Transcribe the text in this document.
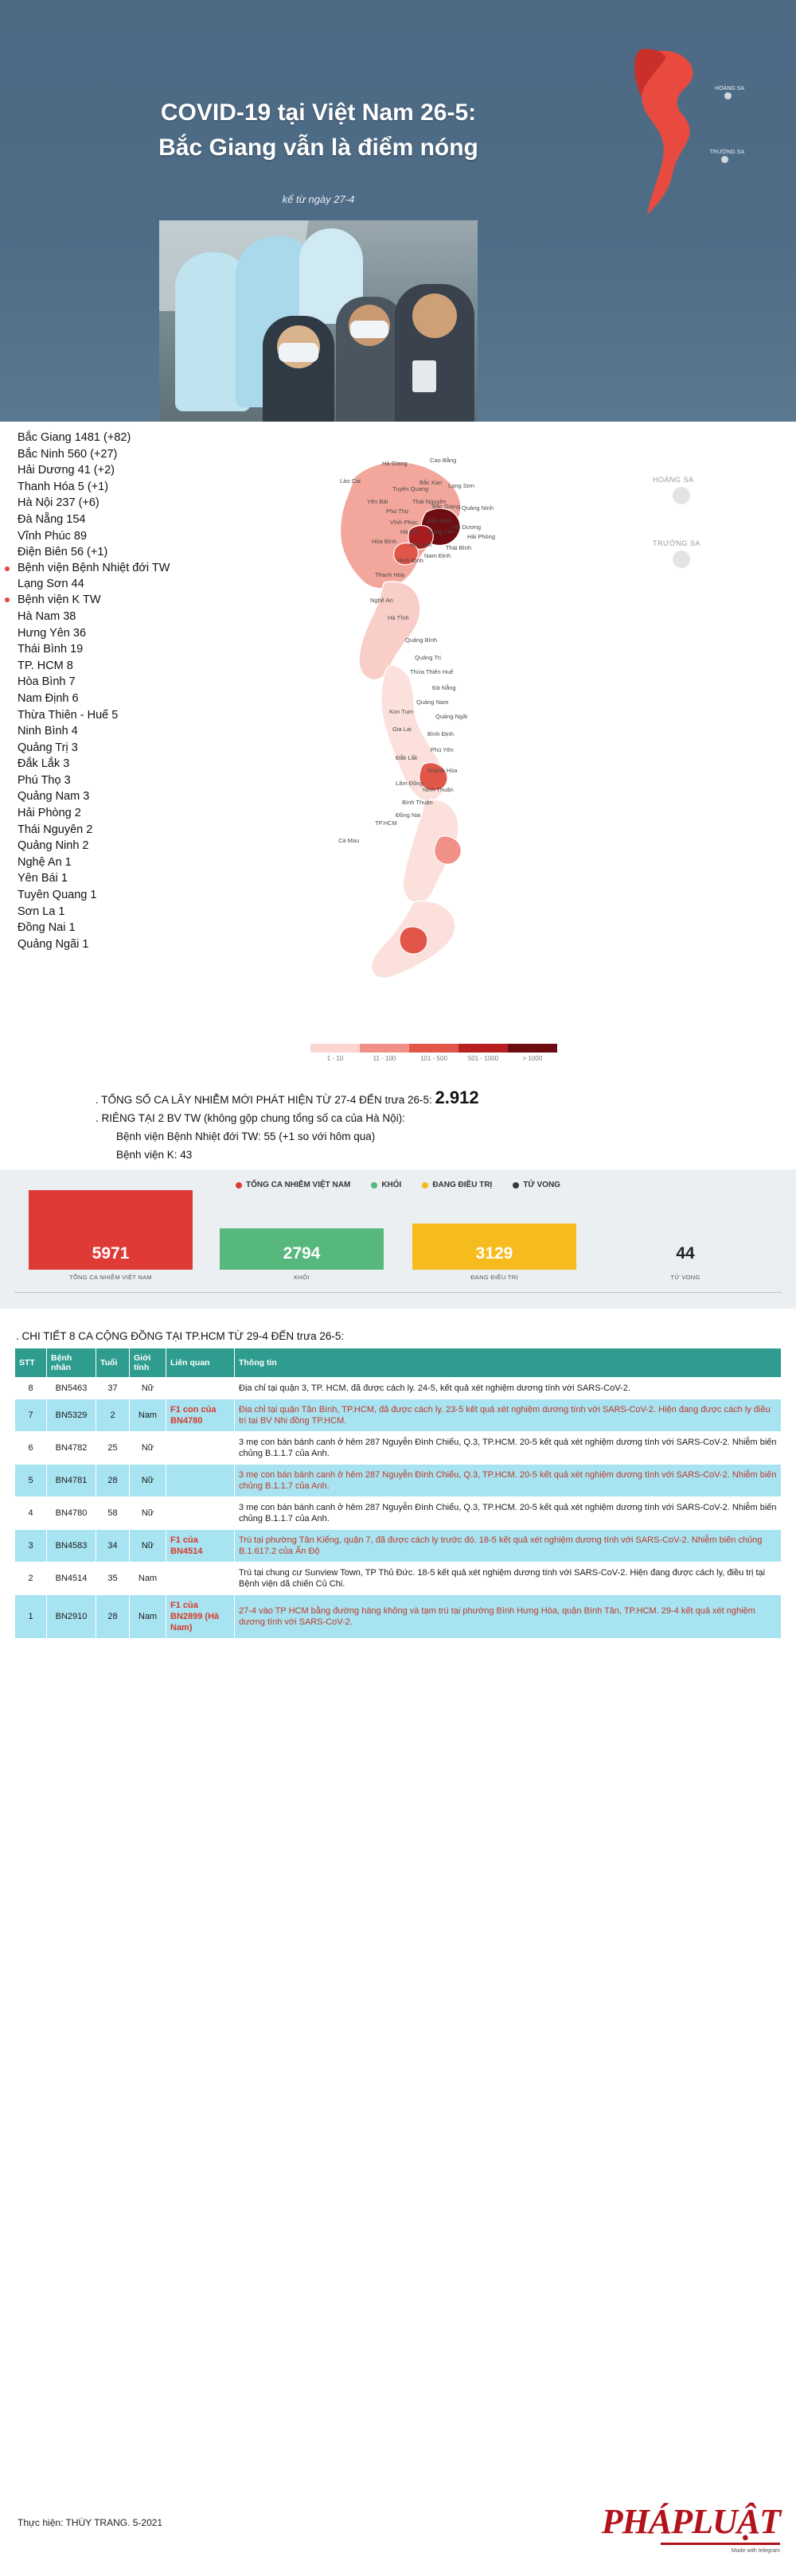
COVID-19 tại Việt Nam 26-5:
Bắc Giang vẫn là điểm nóng
kể từ ngày 27-4
HOÀNG SA
TRƯỜNG SA
Bắc Giang 1481 (+82)
Bắc Ninh 560 (+27)
Hải Dương 41 (+2)
Thanh Hóa 5 (+1)
Hà Nội 237 (+6)
Đà Nẵng 154
Vĩnh Phúc 89
Điện Biên 56 (+1)
Bệnh viện Bệnh Nhiệt đới TW
Lạng Sơn 44
Bệnh viện K TW
Hà Nam 38
Hưng Yên 36
Thái Bình 19
TP. HCM 8
Hòa Bình 7
Nam Định 6
Thừa Thiên - Huế 5
Ninh Bình 4
Quảng Trị 3
Đắk Lắk 3
Phú Thọ 3
Quảng Nam 3
Hải Phòng 2
Thái Nguyên 2
Quảng Ninh 2
Nghệ An 1
Yên Bái 1
Tuyên Quang 1
Sơn La 1
Đồng Nai 1
Quảng Ngãi 1
Hà Giang	Cao Bằng
Lào Cai
Tuyên Quang
Bắc Kạn Lạng Sơn
Yên Bái	Thái Nguyên
Phú Thọ
Bắc Giang Quảng Ninh
Vĩnh Phúc Bắc Ninh
Hà Nội Hưng Yên
Hải Dương
Hải Phòng
Hòa Bình Hà Nam Thái Bình
Nam Định
Ninh Bình
Thanh Hóa
Nghệ An
Hà Tĩnh
Quảng Bình
Quảng Trị
Thừa Thiên Huế
Đà Nẵng
Quảng Nam
Quảng Ngãi
Kon Tum
Gia Lai
Bình Định
Phú Yên
Đắk Lắk
Khánh Hòa
Lâm Đồng
Ninh Thuận
Bình Thuận
Đồng Nai
TP.HCM
Cà Mau
HOÀNG SA
TRƯỜNG SA
1 - 10	11 - 100	101 - 500	501 - 1000	> 1000
. TỔNG SỐ CA LÂY NHIỄM MỚI PHÁT HIỆN TỪ 27-4 ĐẾN trưa 26-5: 2.912
. RIÊNG TẠI 2 BV TW (không gộp chung tổng số ca của Hà Nội):
Bệnh viện Bệnh Nhiệt đới TW: 55 (+1 so với hôm qua)
Bệnh viện K: 43
TỔNG CA NHIỄM VIỆT NAM	KHỎI	ĐANG ĐIỀU TRỊ	TỬ VONG
5971
TỔNG CA NHIỄM VIỆT NAM
2794
KHỎI
3129
ĐANG ĐIỀU TRỊ
44
TỬ VONG
. CHI TIẾT 8 CA CỘNG ĐỒNG TẠI TP.HCM TỪ 29-4 ĐẾN trưa 26-5:
STT	Bệnh nhân	Tuổi	Giới tính	Liên quan	Thông tin
8	BN5463	37	Nữ		Địa chỉ tại quận 3, TP. HCM, đã được cách ly. 24-5, kết quả xét nghiệm dương tính với SARS-CoV-2.
7	BN5329	2	Nam	F1 con của BN4780	Địa chỉ tại quận Tân Bình, TP.HCM, đã được cách ly. 23-5 kết quả xét nghiệm dương tính với SARS-CoV-2. Hiện đang được cách ly điều trị tại BV Nhi đồng TP.HCM.
6	BN4782	25	Nữ		3 mẹ con bán bánh canh ở hẻm 287 Nguyễn Đình Chiểu, Q.3, TP.HCM. 20-5 kết quả xét nghiệm dương tính với SARS-CoV-2. Nhiễm biến chủng B.1.1.7 của Anh.
5	BN4781	28	Nữ		3 mẹ con bán bánh canh ở hẻm 287 Nguyễn Đình Chiểu, Q.3, TP.HCM. 20-5 kết quả xét nghiệm dương tính với SARS-CoV-2. Nhiễm biến chủng B.1.1.7 của Anh.
4	BN4780	58	Nữ		3 mẹ con bán bánh canh ở hẻm 287 Nguyễn Đình Chiểu, Q.3, TP.HCM. 20-5 kết quả xét nghiệm dương tính với SARS-CoV-2. Nhiễm biến chủng B.1.1.7 của Anh.
3	BN4583	34	Nữ	F1 của BN4514	Trú tại phường Tân Kiểng, quận 7, đã được cách ly trước đó. 18-5 kết quả xét nghiệm dương tính với SARS-CoV-2. Nhiễm biến chủng B.1.617.2 của Ấn Độ
2	BN4514	35	Nam		Trú tại chung cư Sunview Town, TP Thủ Đức. 18-5 kết quả xét nghiệm dương tính với SARS-CoV-2. Hiện đang được cách ly, điều trị tại Bệnh viện dã chiến Củ Chi.
1	BN2910	28	Nam	F1 của BN2899 (Hà Nam)	27-4 vào TP HCM bằng đường hàng không và tạm trú tại phường Bình Hưng Hòa, quận Bình Tân, TP.HCM. 29-4 kết quả xét nghiệm dương tính với SARS-CoV-2.
Thực hiện: THÙY TRANG. 5-2021	PHÁPLUẬT
Made with telegram
